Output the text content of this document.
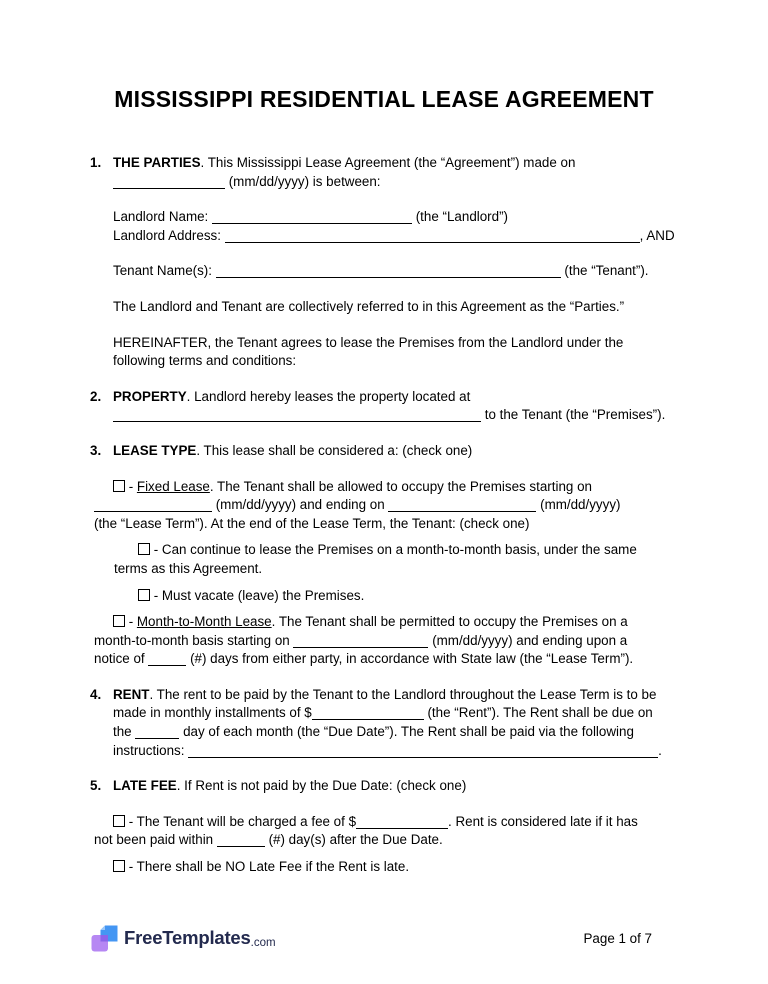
MISSISSIPPI RESIDENTIAL LEASE AGREEMENT
1. THE PARTIES. This Mississippi Lease Agreement (the “Agreement”) made on
(mm/dd/yyyy) is between:
Landlord Name:	(the “Landlord”)
Landlord Address:	, AND
Tenant Name(s):	(the “Tenant”).
The Landlord and Tenant are collectively referred to in this Agreement as the “Parties.”
HEREINAFTER, the Tenant agrees to lease the Premises from the Landlord under the
following terms and conditions:
2. PROPERTY. Landlord hereby leases the property located at
to the Tenant (the “Premises”).
3. LEASE TYPE. This lease shall be considered a: (check one)
- Fixed Lease. The Tenant shall be allowed to occupy the Premises starting on
(mm/dd/yyyy) and ending on	(mm/dd/yyyy)
(the “Lease Term”). At the end of the Lease Term, the Tenant: (check one)
- Can continue to lease the Premises on a month-to-month basis, under the same
terms as this Agreement.
- Must vacate (leave) the Premises.
- Month-to-Month Lease. The Tenant shall be permitted to occupy the Premises on a
month-to-month basis starting on	(mm/dd/yyyy) and ending upon a
notice of	(#) days from either party, in accordance with State law (the “Lease Term”).
4. RENT. The rent to be paid by the Tenant to the Landlord throughout the Lease Term is to be
made in monthly installments of $	(the “Rent”). The Rent shall be due on
the	day of each month (the “Due Date”). The Rent shall be paid via the following
instructions:	.
5. LATE FEE. If Rent is not paid by the Due Date: (check one)
- The Tenant will be charged a fee of $	. Rent is considered late if it has
not been paid within	(#) day(s) after the Due Date.
- There shall be NO Late Fee if the Rent is late.
FreeTemplates .com	Page 1 of 7
